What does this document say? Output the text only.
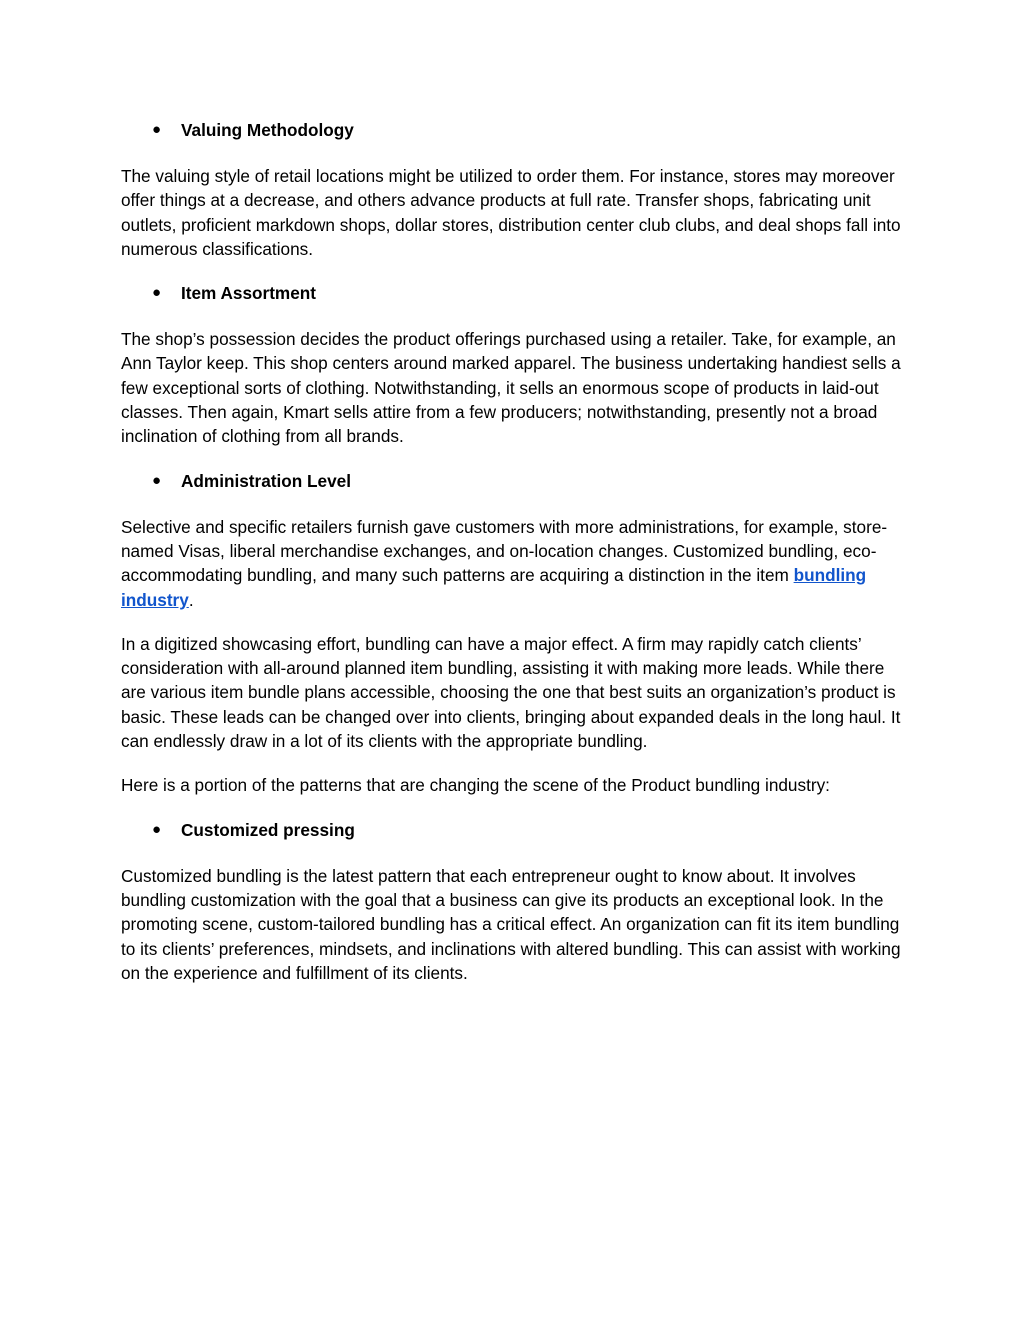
● Valuing Methodology

The valuing style of retail locations might be utilized to order them. For instance, stores may moreover offer things at a decrease, and others advance products at full rate. Transfer shops, fabricating unit outlets, proficient markdown shops, dollar stores, distribution center club clubs, and deal shops fall into numerous classifications.

● Item Assortment

The shop’s possession decides the product offerings purchased using a retailer. Take, for example, an Ann Taylor keep. This shop centers around marked apparel. The business undertaking handiest sells a few exceptional sorts of clothing. Notwithstanding, it sells an enormous scope of products in laid-out classes. Then again, Kmart sells attire from a few producers; notwithstanding, presently not a broad inclination of clothing from all brands.

● Administration Level

Selective and specific retailers furnish gave customers with more administrations, for example, store-named Visas, liberal merchandise exchanges, and on-location changes. Customized bundling, eco-accommodating bundling, and many such patterns are acquiring a distinction in the item bundling industry.

In a digitized showcasing effort, bundling can have a major effect. A firm may rapidly catch clients’ consideration with all-around planned item bundling, assisting it with making more leads. While there are various item bundle plans accessible, choosing the one that best suits an organization’s product is basic. These leads can be changed over into clients, bringing about expanded deals in the long haul. It can endlessly draw in a lot of its clients with the appropriate bundling.

Here is a portion of the patterns that are changing the scene of the Product bundling industry:

● Customized pressing

Customized bundling is the latest pattern that each entrepreneur ought to know about. It involves bundling customization with the goal that a business can give its products an exceptional look. In the promoting scene, custom-tailored bundling has a critical effect. An organization can fit its item bundling to its clients’ preferences, mindsets, and inclinations with altered bundling. This can assist with working on the experience and fulfillment of its clients.
